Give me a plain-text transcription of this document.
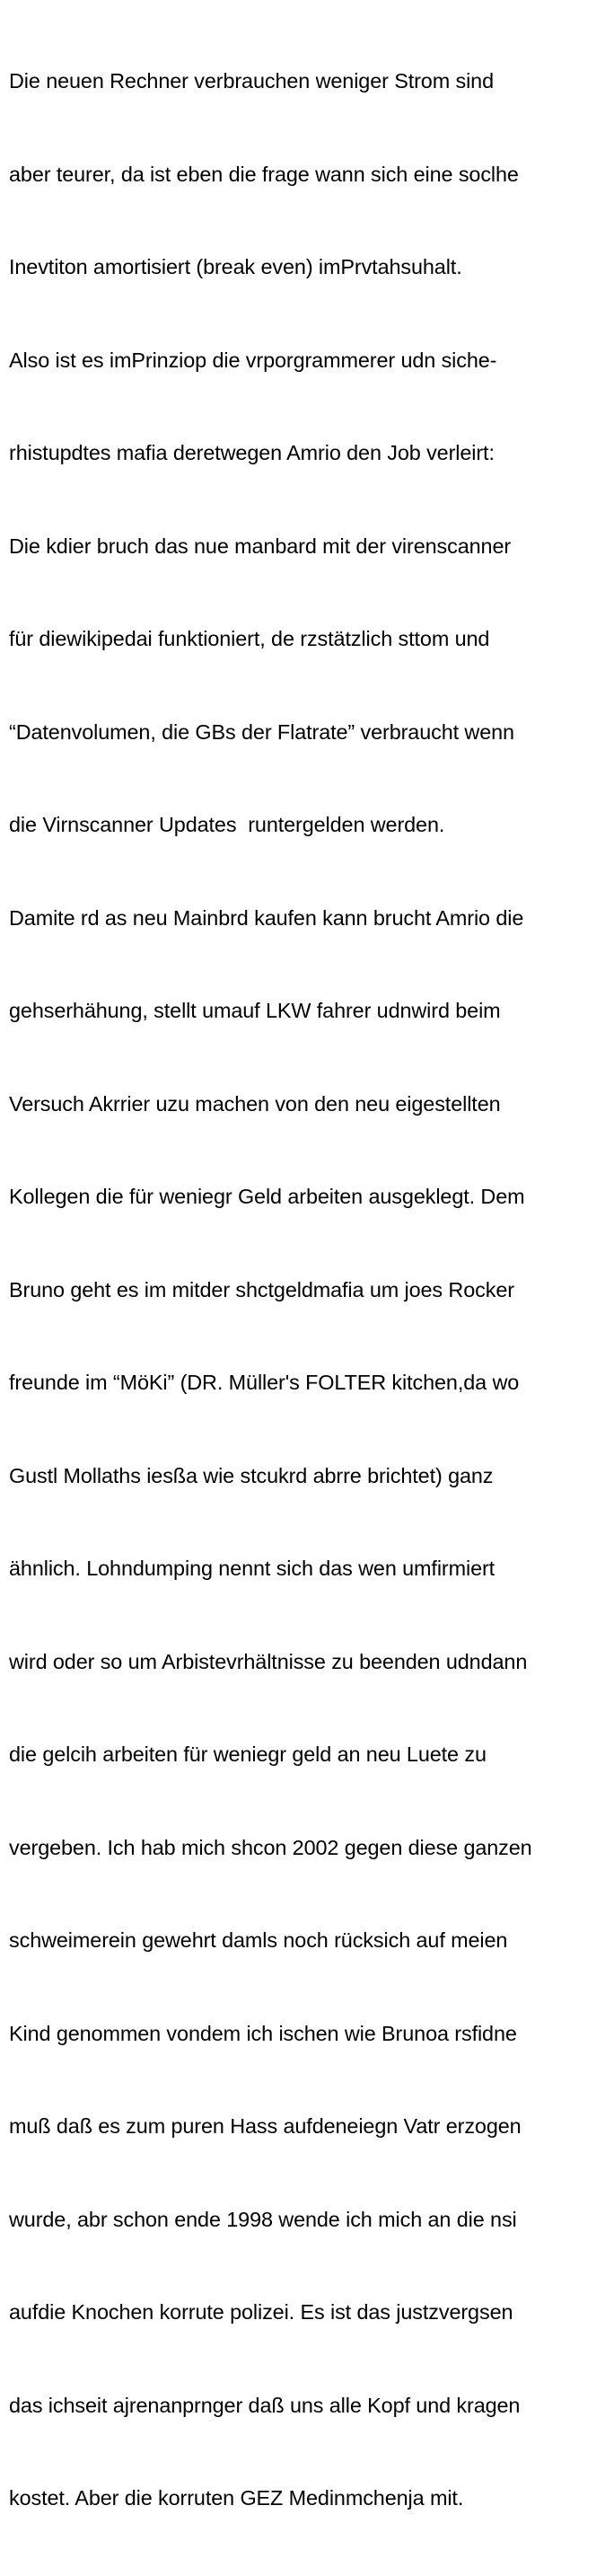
Die neuen Rechner verbrauchen weniger Strom sind

aber teurer, da ist eben die frage wann sich eine soclhe

Inevtiton amortisiert (break even) imPrvtahsuhalt.

Also ist es imPrinziop die vrporgrammerer udn siche-

rhistupdtes mafia deretwegen Amrio den Job verleirt:

Die kdier bruch das nue manbard mit der virenscanner

für diewikipedai funktioniert, de rzstätzlich sttom und

“Datenvolumen, die GBs der Flatrate” verbraucht wenn

die Virnscanner Updates  runtergelden werden.

Damite rd as neu Mainbrd kaufen kann brucht Amrio die

gehserhähung, stellt umauf LKW fahrer udnwird beim

Versuch Akrrier uzu machen von den neu eigestellten

Kollegen die für weniegr Geld arbeiten ausgeklegt. Dem

Bruno geht es im mitder shctgeldmafia um joes Rocker

freunde im “MöKi” (DR. Müller's FOLTER kitchen,da wo

Gustl Mollaths iesßa wie stcukrd abrre brichtet) ganz

ähnlich. Lohndumping nennt sich das wen umfirmiert

wird oder so um Arbistevrhältnisse zu beenden udndann

die gelcih arbeiten für weniegr geld an neu Luete zu

vergeben. Ich hab mich shcon 2002 gegen diese ganzen

schweimerein gewehrt damls noch rücksich auf meien

Kind genommen vondem ich ischen wie Brunoa rsfidne

muß daß es zum puren Hass aufdeneiegn Vatr erzogen

wurde, abr schon ende 1998 wende ich mich an die nsi

aufdie Knochen korrute polizei. Es ist das justzvergsen

das ichseit ajrenanprnger daß uns alle Kopf und kragen

kostet. Aber die korruten GEZ Medinmchenja mit.
